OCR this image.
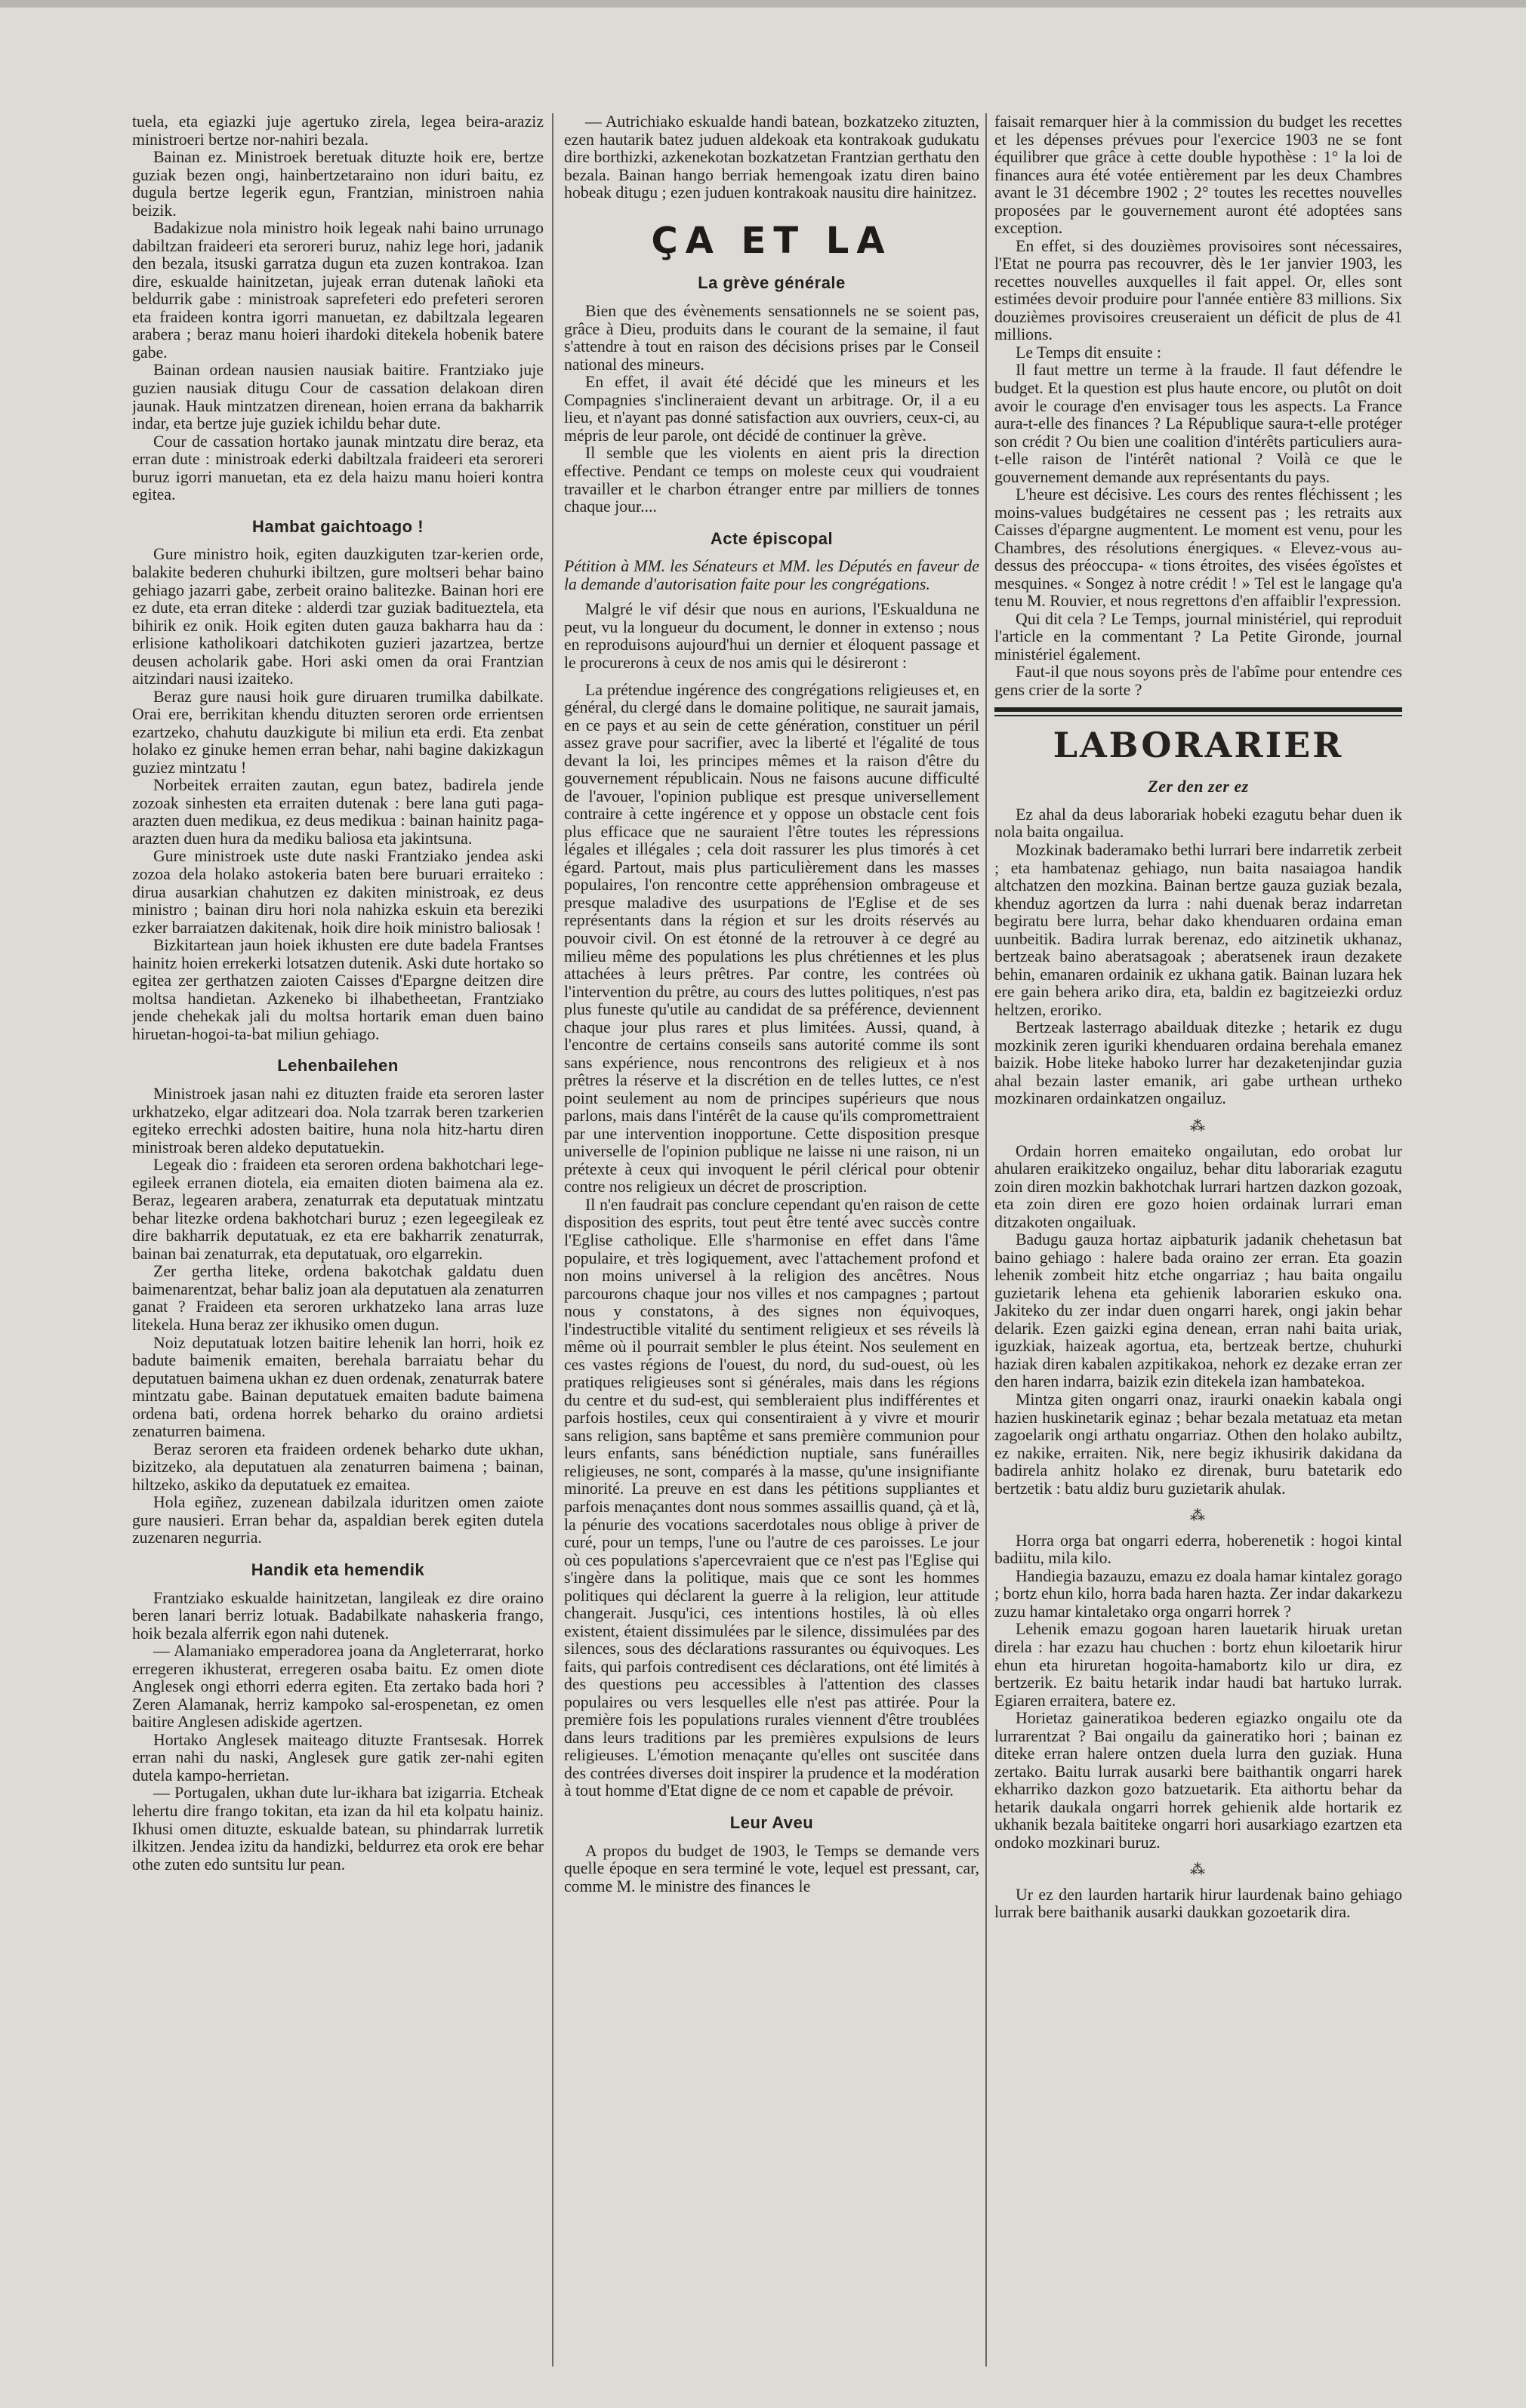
tuela, eta egiazki juje agertuko zirela, legea beira-araziz ministroeri bertze nor-nahiri bezala.

Bainan ez. Ministroek beretuak dituzte hoik ere, bertze guziak bezen ongi, hainbertzetaraino non iduri baitu, ez dugula bertze legerik egun, Frantzian, ministroen nahia beizik.

Badakizue nola ministro hoik legeak nahi baino urrunago dabiltzan fraideeri eta seroreri buruz, nahiz lege hori, jadanik den bezala, itsuski garratza dugun eta zuzen kontrakoa. Izan dire, eskualde hainitzetan, jujeak erran dutenak lañoki eta beldurrik gabe : ministroak saprefeteri edo prefeteri seroren eta fraideen kontra igorri manuetan, ez dabiltzala legearen arabera ; beraz manu hoieri ihardoki ditekela hobenik batere gabe.

Bainan ordean nausien nausiak baitire. Frantziako juje guzien nausiak ditugu Cour de cassation delakoan diren jaunak. Hauk mintzatzen direnean, hoien errana da bakharrik indar, eta bertze juje guziek ichildu behar dute.

Cour de cassation hortako jaunak mintzatu dire beraz, eta erran dute : ministroak ederki dabiltzala fraideeri eta seroreri buruz igorri manuetan, eta ez dela haizu manu hoieri kontra egitea.

Hambat gaichtoago !

Gure ministro hoik, egiten dauzkiguten tzar-kerien orde, balakite bederen chuhurki ibiltzen, gure moltseri behar baino gehiago jazarri gabe, zerbeit oraino balitezke. Bainan hori ere ez dute, eta erran diteke : alderdi tzar guziak baditueztela, eta bihirik ez onik. Hoik egiten duten gauza bakharra hau da : erlisione katholikoari datchikoten guzieri jazartzea, bertze deusen acholarik gabe. Hori aski omen da orai Frantzian aitzindari nausi izaiteko.

Beraz gure nausi hoik gure diruaren trumilka dabilkate. Orai ere, berrikitan khendu dituzten seroren orde errientsen ezartzeko, chahutu dauzkigute bi miliun eta erdi. Eta zenbat holako ez ginuke hemen erran behar, nahi bagine dakizkagun guziez mintzatu !

Norbeitek erraiten zautan, egun batez, badirela jende zozoak sinhesten eta erraiten dutenak : bere lana guti paga-arazten duen medikua, ez deus medikua : bainan hainitz paga-arazten duen hura da mediku baliosa eta jakintsuna.

Gure ministroek uste dute naski Frantziako jendea aski zozoa dela holako astokeria baten bere buruari erraiteko : dirua ausarkian chahutzen ez dakiten ministroak, ez deus ministro ; bainan diru hori nola nahizka eskuin eta bereziki ezker barraiatzen dakitenak, hoik dire hoik ministro baliosak !

Bizkitartean jaun hoiek ikhusten ere dute badela Frantses hainitz hoien errekerki lotsatzen dutenik. Aski dute hortako so egitea zer gerthatzen zaioten Caisses d'Epargne deitzen dire moltsa handietan. Azkeneko bi ilhabetheetan, Frantziako jende chehekak jali du moltsa hortarik eman duen baino hiruetan-hogoi-ta-bat miliun gehiago.

Lehenbailehen

Ministroek jasan nahi ez dituzten fraide eta seroren laster urkhatzeko, elgar aditzeari doa. Nola tzarrak beren tzarkerien egiteko errechki adosten baitire, huna nola hitz-hartu diren ministroak beren aldeko deputatuekin.

Legeak dio : fraideen eta seroren ordena bakhotchari lege-egileek erranen diotela, eia emaiten dioten baimena ala ez. Beraz, legearen arabera, zenaturrak eta deputatuak mintzatu behar litezke ordena bakhotchari buruz ; ezen legeegileak ez dire bakharrik deputatuak, ez eta ere bakharrik zenaturrak, bainan bai zenaturrak, eta deputatuak, oro elgarrekin.

Zer gertha liteke, ordena bakotchak galdatu duen baimenarentzat, behar baliz joan ala deputatuen ala zenaturren ganat ? Fraideen eta seroren urkhatzeko lana arras luze litekela. Huna beraz zer ikhusiko omen dugun.

Noiz deputatuak lotzen baitire lehenik lan horri, hoik ez badute baimenik emaiten, berehala barraiatu behar du deputatuen baimena ukhan ez duen ordenak, zenaturrak batere mintzatu gabe. Bainan deputatuek emaiten badute baimena ordena bati, ordena horrek beharko du oraino ardietsi zenaturren baimena.

Beraz seroren eta fraideen ordenek beharko dute ukhan, bizitzeko, ala deputatuen ala zenaturren baimena ; bainan, hiltzeko, askiko da deputatuek ez emaitea.

Hola egiñez, zuzenean dabilzala iduritzen omen zaiote gure nausieri. Erran behar da, aspaldian berek egiten dutela zuzenaren negurria.

Handik eta hemendik

Frantziako eskualde hainitzetan, langileak ez dire oraino beren lanari berriz lotuak. Badabilkate nahaskeria frango, hoik bezala alferrik egon nahi dutenek.

— Alamaniako emperadorea joana da Angleterrarat, horko erregeren ikhusterat, erregeren osaba baitu. Ez omen diote Anglesek ongi ethorri ederra egiten. Eta zertako bada hori ? Zeren Alamanak, herriz kampoko sal-erospenetan, ez omen baitire Anglesen adiskide agertzen.

Hortako Anglesek maiteago dituzte Frantsesak. Horrek erran nahi du naski, Anglesek gure gatik zer-nahi egiten dutela kampo-herrietan.

— Portugalen, ukhan dute lur-ikhara bat izigarria. Etcheak lehertu dire frango tokitan, eta izan da hil eta kolpatu hainiz. Ikhusi omen dituzte, eskualde batean, su phindarrak lurretik ilkitzen. Jendea izitu da handizki, beldurrez eta orok ere behar othe zuten edo suntsitu lur pean.

— Autrichiako eskualde handi batean, bozkatzeko zituzten, ezen hautarik batez juduen aldekoak eta kontrakoak gudukatu dire borthizki, azkenekotan bozkatzetan Frantzian gerthatu den bezala. Bainan hango berriak hemengoak izatu diren baino hobeak ditugu ; ezen juduen kontrakoak nausitu dire hainitzez.

ÇA ET LA
La grève générale

Bien que des évènements sensationnels ne se soient pas, grâce à Dieu, produits dans le courant de la semaine, il faut s'attendre à tout en raison des décisions prises par le Conseil national des mineurs.

En effet, il avait été décidé que les mineurs et les Compagnies s'inclineraient devant un arbitrage. Or, il a eu lieu, et n'ayant pas donné satisfaction aux ouvriers, ceux-ci, au mépris de leur parole, ont décidé de continuer la grève.

Il semble que les violents en aient pris la direction effective. Pendant ce temps on moleste ceux qui voudraient travailler et le charbon étranger entre par milliers de tonnes chaque jour....

Acte épiscopal

Pétition à MM. les Sénateurs et MM. les Députés en faveur de la demande d'autorisation faite pour les congrégations.

Malgré le vif désir que nous en aurions, l'Eskualduna ne peut, vu la longueur du document, le donner in extenso ; nous en reproduisons aujourd'hui un dernier et éloquent passage et le procurerons à ceux de nos amis qui le désireront :

La prétendue ingérence des congrégations religieuses et, en général, du clergé dans le domaine politique, ne saurait jamais, en ce pays et au sein de cette génération, constituer un péril assez grave pour sacrifier, avec la liberté et l'égalité de tous devant la loi, les principes mêmes et la raison d'être du gouvernement républicain. Nous ne faisons aucune difficulté de l'avouer, l'opinion publique est presque universellement contraire à cette ingérence et y oppose un obstacle cent fois plus efficace que ne sauraient l'être toutes les répressions légales et illégales ; cela doit rassurer les plus timorés à cet égard. Partout, mais plus particulièrement dans les masses populaires, l'on rencontre cette appréhension ombrageuse et presque maladive des usurpations de l'Eglise et de ses représentants dans la région et sur les droits réservés au pouvoir civil. On est étonné de la retrouver à ce degré au milieu même des populations les plus chrétiennes et les plus attachées à leurs prêtres. Par contre, les contrées où l'intervention du prêtre, au cours des luttes politiques, n'est pas plus funeste qu'utile au candidat de sa préférence, deviennent chaque jour plus rares et plus limitées. Aussi, quand, à l'encontre de certains conseils sans autorité comme ils sont sans expérience, nous rencontrons des religieux et à nos prêtres la réserve et la discrétion en de telles luttes, ce n'est point seulement au nom de principes supérieurs que nous parlons, mais dans l'intérêt de la cause qu'ils compromettraient par une intervention inopportune. Cette disposition presque universelle de l'opinion publique ne laisse ni une raison, ni un prétexte à ceux qui invoquent le péril clérical pour obtenir contre nos religieux un décret de proscription.

Il n'en faudrait pas conclure cependant qu'en raison de cette disposition des esprits, tout peut être tenté avec succès contre l'Eglise catholique. Elle s'harmonise en effet dans l'âme populaire, et très logiquement, avec l'attachement profond et non moins universel à la religion des ancêtres. Nous parcourons chaque jour nos villes et nos campagnes ; partout nous y constatons, à des signes non équivoques, l'indestructible vitalité du sentiment religieux et ses réveils là même où il pourrait sembler le plus éteint. Nos seulement en ces vastes régions de l'ouest, du nord, du sud-ouest, où les pratiques religieuses sont si générales, mais dans les régions du centre et du sud-est, qui sembleraient plus indifférentes et parfois hostiles, ceux qui consentiraient à y vivre et mourir sans religion, sans baptême et sans première communion pour leurs enfants, sans bénédiction nuptiale, sans funérailles religieuses, ne sont, comparés à la masse, qu'une insignifiante minorité. La preuve en est dans les pétitions suppliantes et parfois menaçantes dont nous sommes assaillis quand, çà et là, la pénurie des vocations sacerdotales nous oblige à priver de curé, pour un temps, l'une ou l'autre de ces paroisses. Le jour où ces populations s'apercevraient que ce n'est pas l'Eglise qui s'ingère dans la politique, mais que ce sont les hommes politiques qui déclarent la guerre à la religion, leur attitude changerait. Jusqu'ici, ces intentions hostiles, là où elles existent, étaient dissimulées par le silence, dissimulées par des silences, sous des déclarations rassurantes ou équivoques. Les faits, qui parfois contredisent ces déclarations, ont été limités à des questions peu accessibles à l'attention des classes populaires ou vers lesquelles elle n'est pas attirée. Pour la première fois les populations rurales viennent d'être troublées dans leurs traditions par les premières expulsions de leurs religieuses. L'émotion menaçante qu'elles ont suscitée dans des contrées diverses doit inspirer la prudence et la modération à tout homme d'Etat digne de ce nom et capable de prévoir.

Leur Aveu

A propos du budget de 1903, le Temps se demande vers quelle époque en sera terminé le vote, lequel est pressant, car, comme M. le ministre des finances le

faisait remarquer hier à la commission du budget les recettes et les dépenses prévues pour l'exercice 1903 ne se font équilibrer que grâce à cette double hypothèse : 1° la loi de finances aura été votée entièrement par les deux Chambres avant le 31 décembre 1902 ; 2° toutes les recettes nouvelles proposées par le gouvernement auront été adoptées sans exception.

En effet, si des douzièmes provisoires sont nécessaires, l'Etat ne pourra pas recouvrer, dès le 1er janvier 1903, les recettes nouvelles auxquelles il fait appel. Or, elles sont estimées devoir produire pour l'année entière 83 millions. Six douzièmes provisoires creuseraient un déficit de plus de 41 millions.

Le Temps dit ensuite :

Il faut mettre un terme à la fraude. Il faut défendre le budget. Et la question est plus haute encore, ou plutôt on doit avoir le courage d'en envisager tous les aspects. La France aura-t-elle des finances ? La République saura-t-elle protéger son crédit ? Ou bien une coalition d'intérêts particuliers aura-t-elle raison de l'intérêt national ? Voilà ce que le gouvernement demande aux représentants du pays.

L'heure est décisive. Les cours des rentes fléchissent ; les moins-values budgétaires ne cessent pas ; les retraits aux Caisses d'épargne augmentent. Le moment est venu, pour les Chambres, des résolutions énergiques. « Elevez-vous au-dessus des préoccupa- « tions étroites, des visées égoïstes et mesquines. « Songez à notre crédit ! » Tel est le langage qu'a tenu M. Rouvier, et nous regrettons d'en affaiblir l'expression.

Qui dit cela ? Le Temps, journal ministériel, qui reproduit l'article en la commentant ? La Petite Gironde, journal ministériel également.

Faut-il que nous soyons près de l'abîme pour entendre ces gens crier de la sorte ?

LABORARIER
Zer den zer ez

Ez ahal da deus laborariak hobeki ezagutu behar duen ik nola baita ongailua.

Mozkinak baderamako bethi lurrari bere indarretik zerbeit ; eta hambatenaz gehiago, nun baita nasaiagoa handik altchatzen den mozkina. Bainan bertze gauza guziak bezala, khenduz agortzen da lurra : nahi duenak beraz indarretan begiratu bere lurra, behar dako khenduaren ordaina eman uunbeitik. Badira lurrak berenaz, edo aitzinetik ukhanaz, bertzeak baino aberatsagoak ; aberatsenek iraun dezakete behin, emanaren ordainik ez ukhana gatik. Bainan luzara hek ere gain behera ariko dira, eta, baldin ez bagitzeiezki orduz heltzen, eroriko.

Bertzeak lasterrago abailduak ditezke ; hetarik ez dugu mozkinik zeren iguriki khenduaren ordaina berehala emanez baizik. Hobe liteke haboko lurrer har dezaketenjindar guzia ahal bezain laster emanik, ari gabe urthean urtheko mozkinaren ordainkatzen ongailuz.

⁂

Ordain horren emaiteko ongailutan, edo orobat lur ahularen eraikitzeko ongailuz, behar ditu laborariak ezagutu zoin diren mozkin bakhotchak lurrari hartzen dazkon gozoak, eta zoin diren ere gozo hoien ordainak lurrari eman ditzakoten ongailuak.

Badugu gauza hortaz aipbaturik jadanik chehetasun bat baino gehiago : halere bada oraino zer erran. Eta goazin lehenik zombeit hitz etche ongarriaz ; hau baita ongailu guzietarik lehena eta gehienik laborarien eskuko ona. Jakiteko du zer indar duen ongarri harek, ongi jakin behar delarik. Ezen gaizki egina denean, erran nahi baita uriak, iguzkiak, haizeak agortua, eta, bertzeak bertze, chuhurki haziak diren kabalen azpitikakoa, nehork ez dezake erran zer den haren indarra, baizik ezin ditekela izan hambatekoa.

Mintza giten ongarri onaz, iraurki onaekin kabala ongi hazien huskinetarik eginaz ; behar bezala metatuaz eta metan zagoelarik ongi arthatu ongarriaz. Othen den holako aubiltz, ez nakike, erraiten. Nik, nere begiz ikhusirik dakidana da badirela anhitz holako ez direnak, buru batetarik edo bertzetik : batu aldiz buru guzietarik ahulak.

⁂

Horra orga bat ongarri ederra, hoberenetik : hogoi kintal badiitu, mila kilo.

Handiegia bazauzu, emazu ez doala hamar kintalez gorago ; bortz ehun kilo, horra bada haren hazta. Zer indar dakarkezu zuzu hamar kintaletako orga ongarri horrek ?

Lehenik emazu gogoan haren lauetarik hiruak uretan direla : har ezazu hau chuchen : bortz ehun kiloetarik hirur ehun eta hiruretan hogoita-hamabortz kilo ur dira, ez bertzerik. Ez baitu hetarik indar haudi bat hartuko lurrak. Egiaren erraitera, batere ez.

Horietaz gaineratikoa bederen egiazko ongailu ote da lurrarentzat ? Bai ongailu da gaineratiko hori ; bainan ez diteke erran halere ontzen duela lurra den guziak. Huna zertako. Baitu lurrak ausarki bere baithantik ongarri harek ekharriko dazkon gozo batzuetarik. Eta aithortu behar da hetarik daukala ongarri horrek gehienik alde hortarik ez ukhanik bezala baititeke ongarri hori ausarkiago ezartzen eta ondoko mozkinari buruz.

⁂

Ur ez den laurden hartarik hirur laurdenak baino gehiago lurrak bere baithanik ausarki daukkan gozoetarik dira.
